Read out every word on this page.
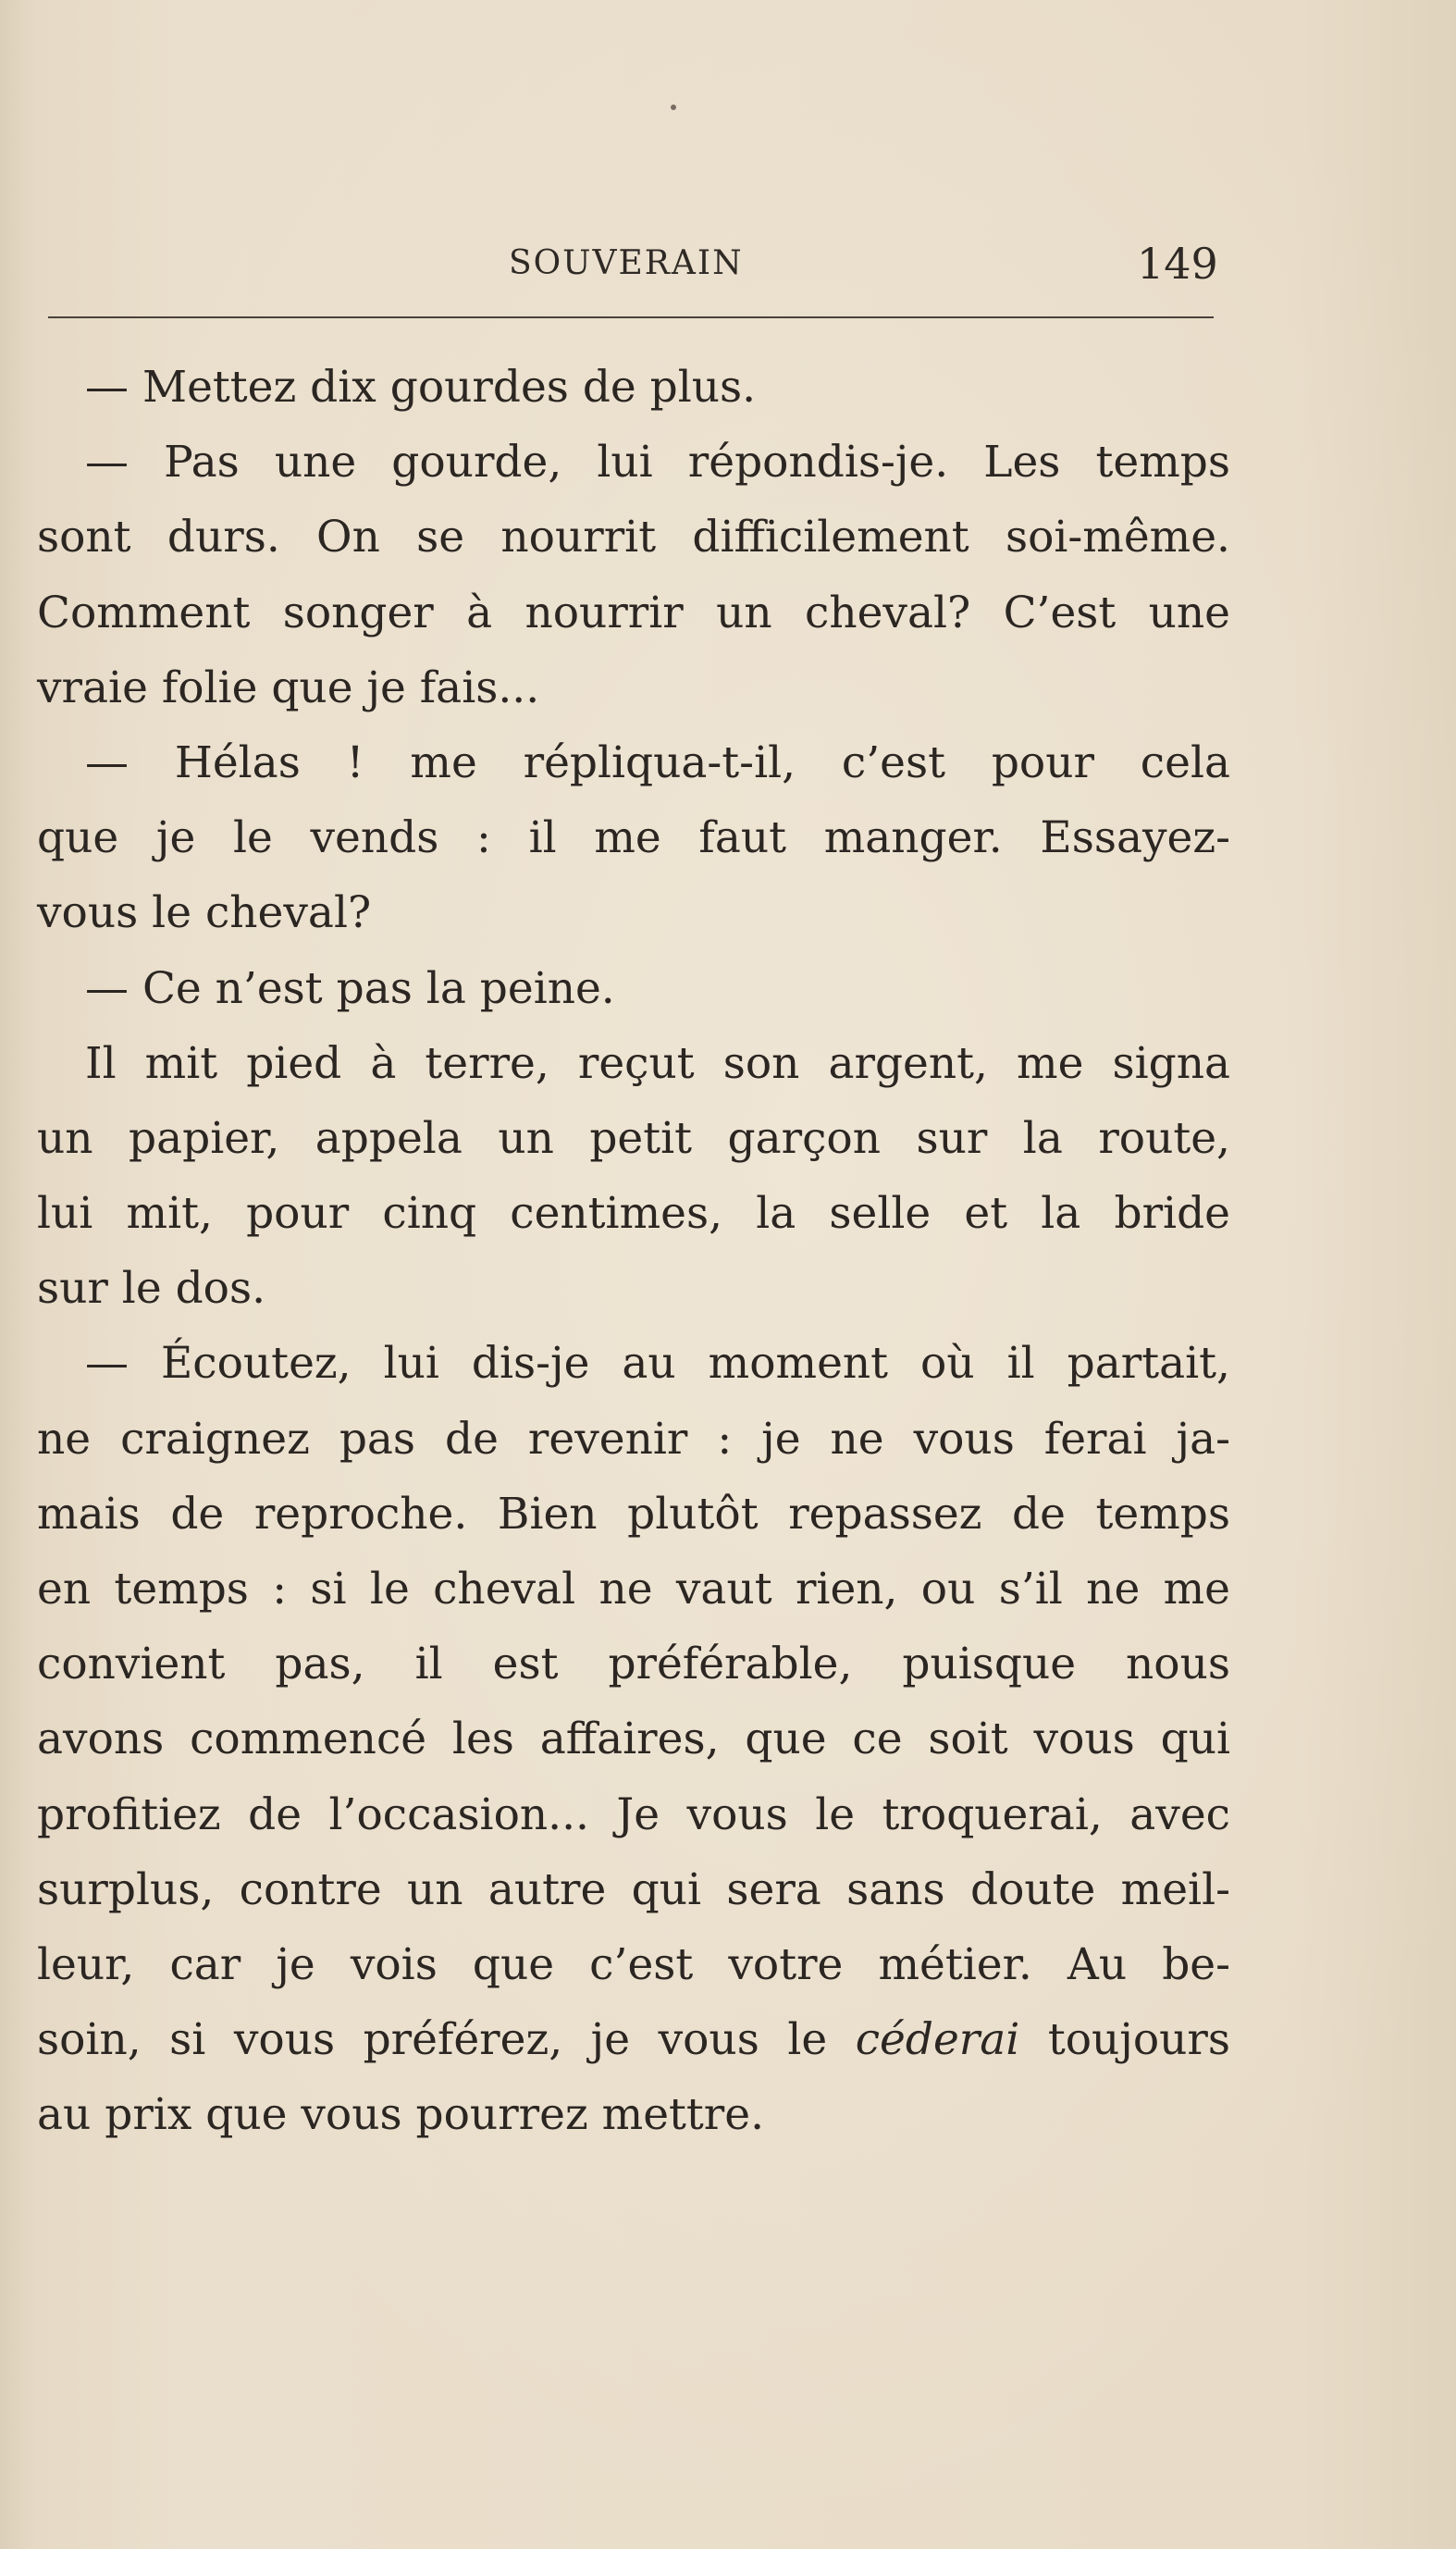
SOUVERAIN	149
— Mettez dix gourdes de plus.
— Pas une gourde, lui répondis-je. Les temps
sont durs. On se nourrit difficilement soi-même.
Comment songer à nourrir un cheval? C’est une
vraie folie que je fais...
— Hélas ! me répliqua-t-il, c’est pour cela
que je le vends : il me faut manger. Essayez-
vous le cheval?
— Ce n’est pas la peine.
Il mit pied à terre, reçut son argent, me signa
un papier, appela un petit garçon sur la route,
lui mit, pour cinq centimes, la selle et la bride
sur le dos.
— Écoutez, lui dis-je au moment où il partait,
ne craignez pas de revenir : je ne vous ferai ja-
mais de reproche. Bien plutôt repassez de temps
en temps : si le cheval ne vaut rien, ou s’il ne me
convient pas, il est préférable, puisque nous
avons commencé les affaires, que ce soit vous qui
profitiez de l’occasion... Je vous le troquerai, avec
surplus, contre un autre qui sera sans doute meil-
leur, car je vois que c’est votre métier. Au be-
soin, si vous préférez, je vous le céderai toujours
au prix que vous pourrez mettre.
